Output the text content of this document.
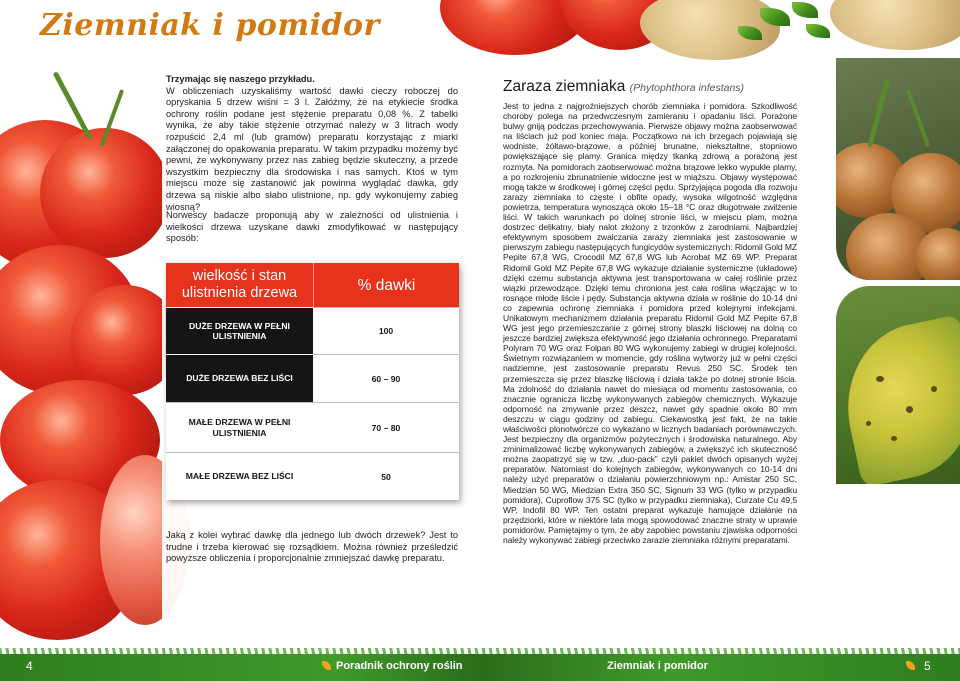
Ziemniak i pomidor
Trzymając się naszego przykładu.
W obliczeniach uzyskaliśmy wartość dawki cieczy roboczej do opryskania 5 drzew wiśni = 3 l. Załóżmy, że na etykiecie środka ochrony roślin podane jest stężenie preparatu 0,08 %. Z tabelki wynika, że aby takie stężenie otrzymać należy w 3 litrach wody rozpuścić 2,4 ml (lub gramów) preparatu korzystając z miarki załączonej do opakowania preparatu. W takim przypadku możemy być pewni, że wykonywany przez nas zabieg będzie skuteczny, a przede wszystkim bezpieczny dla środowiska i nas samych. Ktoś w tym miejscu może się zastanowić jak powinna wyglądać dawka, gdy drzewa są niskie albo słabo ulistnione, np. gdy wykonujemy zabieg wiosną?
Norwescy badacze proponują aby w zależności od ulistnienia i wielkości drzewa uzyskane dawki zmodyfikować w następujący sposób:
wielkość i stan ulistnienia drzewa	% dawki
DUŻE DRZEWA W PEŁNI ULISTNIENIA	100
DUŻE DRZEWA BEZ LIŚCI	60 – 90
MAŁE DRZEWA W PEŁNI ULISTNIENIA	70 – 80
MAŁE DRZEWA BEZ LIŚCI	50
Jaką z kolei wybrać dawkę dla jednego lub dwóch drzewek? Jest to trudne i trzeba kierować się rozsądkiem. Można również prześledzić powyższe obliczenia i proporcjonalnie zmniejszać dawkę preparatu.
Zaraza ziemniaka (Phytophthora infestans)
Jest to jedna z najgroźniejszych chorób ziemniaka i pomidora. Szkodliwość choroby polega na przedwczesnym zamieraniu i opadaniu liści. Porażone bulwy gniją podczas przechowywania. Pierwsze objawy można zaobserwować na liściach już pod koniec maja. Początkowo na ich brzegach pojawiają się wodniste, żółtawo-brązowe, a później brunatne, niekształtne, stopniowo powiększające się plamy. Granica między tkanką zdrową a porażoną jest rozmyta. Na pomidorach zaobserwować można brązowe lekko wypukłe plamy, a po rozkrojeniu zbrunatnienie widoczne jest w miąższu. Objawy występować mogą także w środkowej i górnej części pędu. Sprzyjająca pogoda dla rozwoju zarazy ziemniaka to częste i obfite opady, wysoka wilgotność względna powietrza, temperatura wynosząca około 15–18 °C oraz długotrwałe zwilżenie liści. W takich warunkach po dolnej stronie liści, w miejscu plam, można dostrzec delikatny, biały nalot złożony z trzonków z zarodniami. Najbardziej efektywnym sposobem zwalczania zarazy ziemniaka jest zastosowanie w pierwszym zabiegu następujących fungicydów systemicznych: Ridomil Gold MZ Pepite 67,8 WG, Crocodil MZ 67,8 WG lub Acrobat MZ 69 WP. Preparat Ridomil Gold MZ Pepite 67,8 WG wykazuje działanie systemiczne (układowe) dzięki czemu substancja aktywna jest transportowana w całej roślinie przez wiązki przewodzące. Dzięki temu chroniona jest cała roślina włączając w to rosnące młode liście i pędy. Substancja aktywna działa w roślinie do 10-14 dni co zapewnia ochronę ziemniaka i pomidora przed kolejnymi infekcjami. Unikatowym mechanizmem działania preparatu Ridomil Gold MZ Pepite 67,8 WG jest jego przemieszczanie z górnej strony blaszki liściowej na dolną co jeszcze bardziej zwiększa efektywność jego działania ochronnego. Preparatami Polyram 70 WG oraz Folpan 80 WG wykonujemy zabiegi w drugiej kolejności. Świetnym rozwiązaniem w momencie, gdy roślina wytworzy już w pełni części nadziemne, jest zastosowanie preparatu Revus 250 SC. Środek ten przemieszcza się przez blaszkę liściową i działa także po dolnej stronie liścia. Ma zdolność do działania nawet do miesiąca od momentu zastosowania, co znacznie ogranicza liczbę wykonywanych zabiegów chemicznych. Wykazuje odporność na zmywanie przez deszcz, nawet gdy spadnie około 80 mm deszczu w ciągu godziny od zabiegu. Ciekawostką jest fakt, że na takie właściwości plonotwórcze co wykazano w licznych badaniach porównawczych. Jest bezpieczny dla organizmów pożytecznych i środowiska naturalnego. Aby zminimalizować liczbę wykonywanych zabiegów, a zwiększyć ich skuteczność można zaopatrzyć się w tzw. „duo-pack” czyli pakiet dwóch opisanych wyżej preparatów. Natomiast do kolejnych zabiegów, wykonywanych co 10-14 dni należy użyć preparatów o działaniu powierzchniowym np.: Amistar 250 SC, Miedzian 50 WG, Miedzian Extra 350 SC, Signum 33 WG (tylko w przypadku pomidora), Cuproflow 375 SC (tylko w przypadku ziemniaka), Curzate Cu 49,5 WP, Indofil 80 WP. Ten ostatni preparat wykazuje hamujące działanie na przędziorki, które w niektóre lata mogą spowodować znaczne straty w uprawie pomidorów. Pamiętajmy o tym, że aby zapobiec powstaniu zjawiska odporności należy wykonywać zabiegi przeciwko zarazie ziemniaka różnymi preparatami.
4	Poradnik ochrony roślin	Ziemniak i pomidor	5
